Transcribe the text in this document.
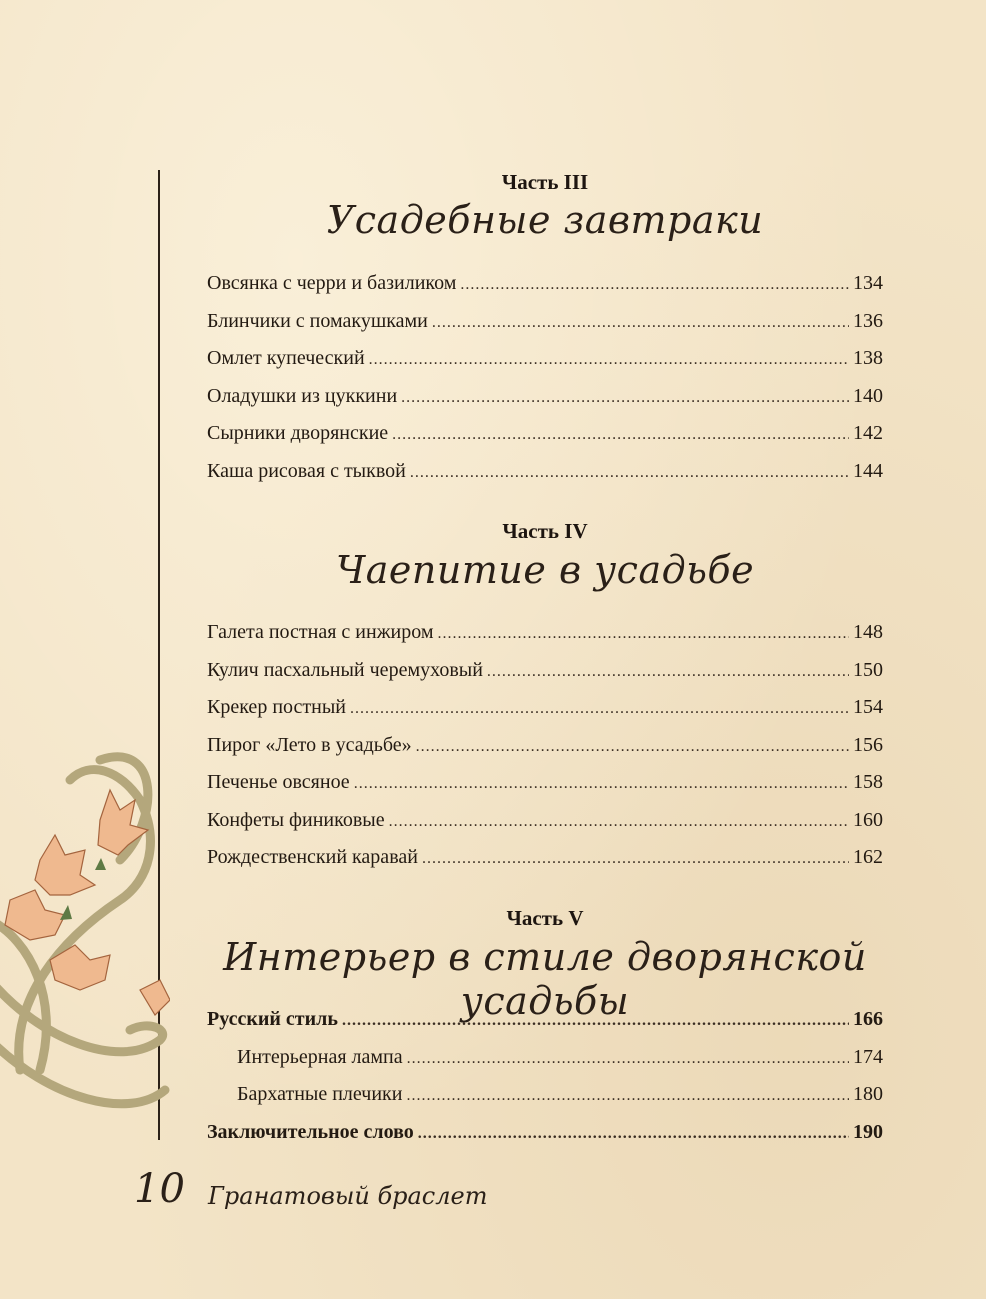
Часть III
Усадебные завтраки
Овсянка с черри и базиликом .....	134
Блинчики с помакушками .....	136
Омлет купеческий .....	138
Оладушки из цуккини .....	140
Сырники дворянские .....	142
Каша рисовая с тыквой .....	144
Часть IV
Чаепитие в усадьбе
Галета постная с инжиром .....	148
Кулич пасхальный черемуховый .....	150
Крекер постный .....	154
Пирог «Лето в усадьбе» .....	156
Печенье овсяное .....	158
Конфеты финиковые .....	160
Рождественский каравай .....	162
Часть V
Интерьер в стиле дворянской усадьбы
Русский стиль .....	166
Интерьерная лампа .....	174
Бархатные плечики .....	180
Заключительное слово .....	190
10 Гранатовый браслет
